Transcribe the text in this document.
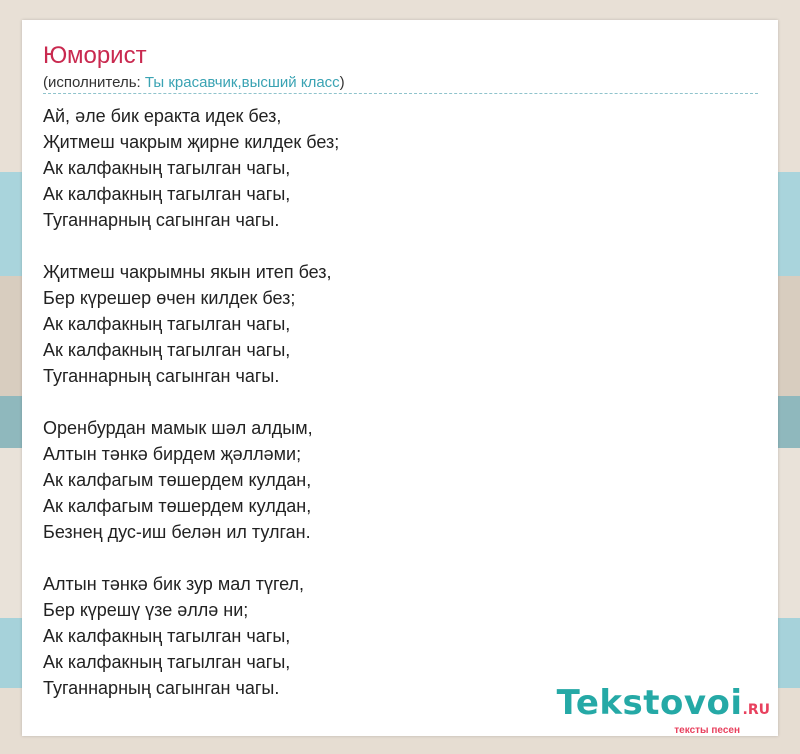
Юморист
(исполнитель: Ты красавчик,высший класс)
Ай, әле бик еракта идек без,
Җитмеш чакрым җирне килдек без;
Ак калфакның тагылган чагы,
Ак калфакның тагылган чагы,
Туганнарның сагынган чагы.
Җитмеш чакрымны якын итеп без,
Бер күрешер өчен килдек без;
Ак калфакның тагылган чагы,
Ак калфакның тагылган чагы,
Туганнарның сагынган чагы.
Оренбурдан мамык шәл алдым,
Алтын тәнкә бирдем җәлләми;
Ак калфагым төшердем кулдан,
Ак калфагым төшердем кулдан,
Безнең дус-иш белән ил тулган.
Алтын тәнкә бик зур мал түгел,
Бер күрешү үзе әллә ни;
Ак калфакның тагылган чагы,
Ак калфакның тагылган чагы,
Туганнарның сагынган чагы.	Tekstovoi.RU
тексты песен
